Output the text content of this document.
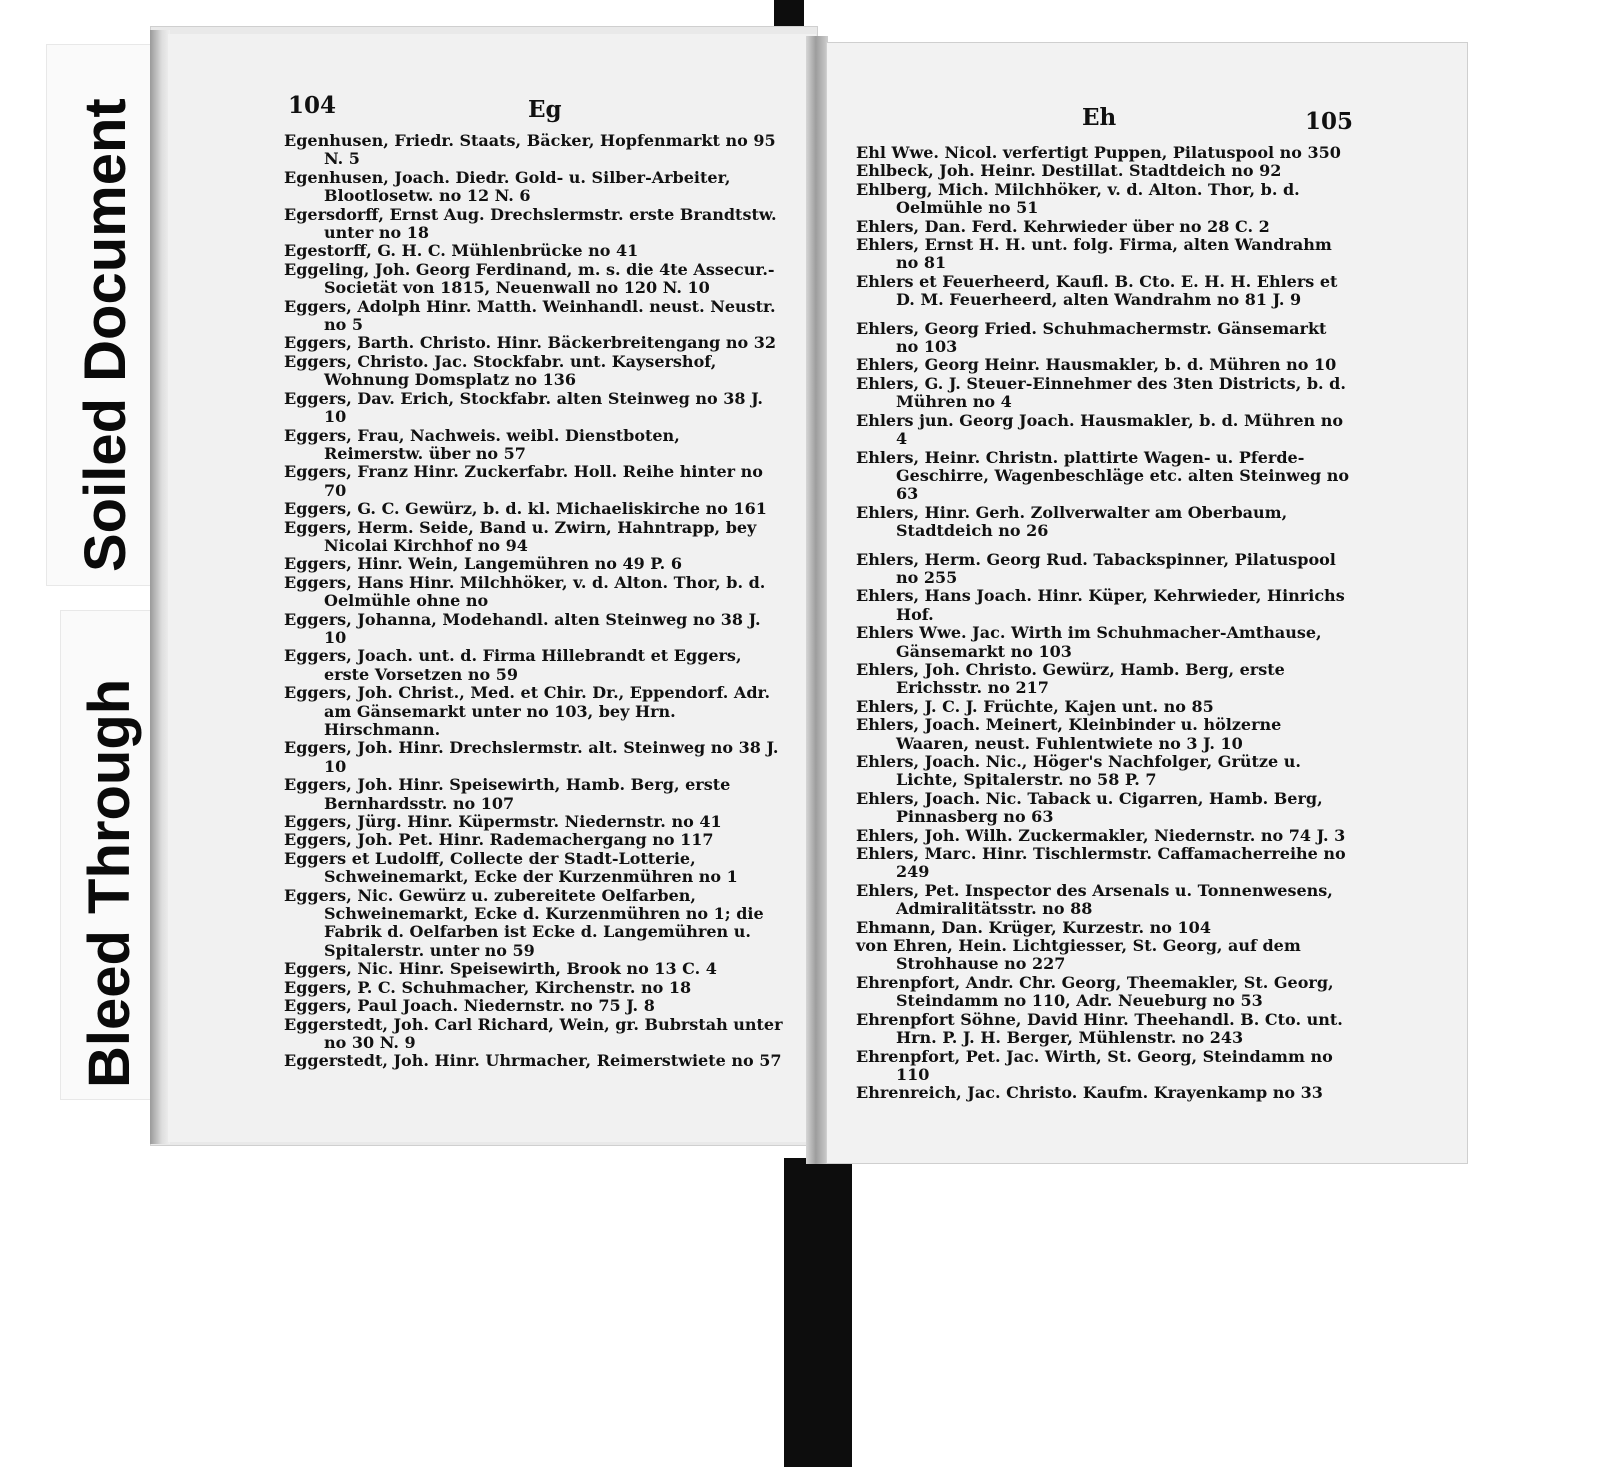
Soiled Document
Bleed Through
104	Eg	Eh	105

Egenhusen, Friedr. Staats, Bäcker, Hopfenmarkt no 95 N. 5

Egenhusen, Joach. Diedr. Gold- u. Silber-Arbeiter, Blootlosetw. no 12 N. 6

Egersdorff, Ernst Aug. Drechslermstr. erste Brandtstw. unter no 18

Egestorff, G. H. C. Mühlenbrücke no 41

Eggeling, Joh. Georg Ferdinand, m. s. die 4te Assecur.-Societät von 1815, Neuenwall no 120 N. 10

Eggers, Adolph Hinr. Matth. Weinhandl. neust. Neustr. no 5

Eggers, Barth. Christo. Hinr. Bäckerbreitengang no 32

Eggers, Christo. Jac. Stockfabr. unt. Kaysershof, Wohnung Domsplatz no 136

Eggers, Dav. Erich, Stockfabr. alten Steinweg no 38 J. 10

Eggers, Frau, Nachweis. weibl. Dienstboten, Reimerstw. über no 57

Eggers, Franz Hinr. Zuckerfabr. Holl. Reihe hinter no 70

Eggers, G. C. Gewürz, b. d. kl. Michaeliskirche no 161

Eggers, Herm. Seide, Band u. Zwirn, Hahntrapp, bey Nicolai Kirchhof no 94

Eggers, Hinr. Wein, Langemühren no 49 P. 6

Eggers, Hans Hinr. Milchhöker, v. d. Alton. Thor, b. d. Oelmühle ohne no

Eggers, Johanna, Modehandl. alten Steinweg no 38 J. 10

Eggers, Joach. unt. d. Firma Hillebrandt et Eggers, erste Vorsetzen no 59

Eggers, Joh. Christ., Med. et Chir. Dr., Eppendorf. Adr. am Gänsemarkt unter no 103, bey Hrn. Hirschmann.

Eggers, Joh. Hinr. Drechslermstr. alt. Steinweg no 38 J. 10

Eggers, Joh. Hinr. Speisewirth, Hamb. Berg, erste Bernhardsstr. no 107

Eggers, Jürg. Hinr. Küpermstr. Niedernstr. no 41

Eggers, Joh. Pet. Hinr. Rademachergang no 117

Eggers et Ludolff, Collecte der Stadt-Lotterie, Schweinemarkt, Ecke der Kurzenmühren no 1

Eggers, Nic. Gewürz u. zubereitete Oelfarben, Schweinemarkt, Ecke d. Kurzenmühren no 1; die Fabrik d. Oelfarben ist Ecke d. Langemühren u. Spitalerstr. unter no 59

Eggers, Nic. Hinr. Speisewirth, Brook no 13 C. 4

Eggers, P. C. Schuhmacher, Kirchenstr. no 18

Eggers, Paul Joach. Niedernstr. no 75 J. 8

Eggerstedt, Joh. Carl Richard, Wein, gr. Bubrstah unter no 30 N. 9

Eggerstedt, Joh. Hinr. Uhrmacher, Reimerstwiete no 57

Ehl Wwe. Nicol. verfertigt Puppen, Pilatuspool no 350

Ehlbeck, Joh. Heinr. Destillat. Stadtdeich no 92

Ehlberg, Mich. Milchhöker, v. d. Alton. Thor, b. d. Oelmühle no 51

Ehlers, Dan. Ferd. Kehrwieder über no 28 C. 2

Ehlers, Ernst H. H. unt. folg. Firma, alten Wandrahm no 81

Ehlers et Feuerheerd, Kaufl. B. Cto. E. H. H. Ehlers et D. M. Feuerheerd, alten Wandrahm no 81 J. 9

Ehlers, Georg Fried. Schuhmachermstr. Gänsemarkt no 103

Ehlers, Georg Heinr. Hausmakler, b. d. Mühren no 10

Ehlers, G. J. Steuer-Einnehmer des 3ten Districts, b. d. Mühren no 4

Ehlers jun. Georg Joach. Hausmakler, b. d. Mühren no 4

Ehlers, Heinr. Christn. plattirte Wagen- u. Pferde-Geschirre, Wagenbeschläge etc. alten Steinweg no 63

Ehlers, Hinr. Gerh. Zollverwalter am Oberbaum, Stadtdeich no 26

Ehlers, Herm. Georg Rud. Tabackspinner, Pilatuspool no 255

Ehlers, Hans Joach. Hinr. Küper, Kehrwieder, Hinrichs Hof.

Ehlers Wwe. Jac. Wirth im Schuhmacher-Amthause, Gänsemarkt no 103

Ehlers, Joh. Christo. Gewürz, Hamb. Berg, erste Erichsstr. no 217

Ehlers, J. C. J. Früchte, Kajen unt. no 85

Ehlers, Joach. Meinert, Kleinbinder u. hölzerne Waaren, neust. Fuhlentwiete no 3 J. 10

Ehlers, Joach. Nic., Höger's Nachfolger, Grütze u. Lichte, Spitalerstr. no 58 P. 7

Ehlers, Joach. Nic. Taback u. Cigarren, Hamb. Berg, Pinnasberg no 63

Ehlers, Joh. Wilh. Zuckermakler, Niedernstr. no 74 J. 3

Ehlers, Marc. Hinr. Tischlermstr. Caffamacherreihe no 249

Ehlers, Pet. Inspector des Arsenals u. Tonnenwesens, Admiralitätsstr. no 88

Ehmann, Dan. Krüger, Kurzestr. no 104

von Ehren, Hein. Lichtgiesser, St. Georg, auf dem Strohhause no 227

Ehrenpfort, Andr. Chr. Georg, Theemakler, St. Georg, Steindamm no 110, Adr. Neueburg no 53

Ehrenpfort Söhne, David Hinr. Theehandl. B. Cto. unt. Hrn. P. J. H. Berger, Mühlenstr. no 243

Ehrenpfort, Pet. Jac. Wirth, St. Georg, Steindamm no 110

Ehrenreich, Jac. Christo. Kaufm. Krayenkamp no 33
